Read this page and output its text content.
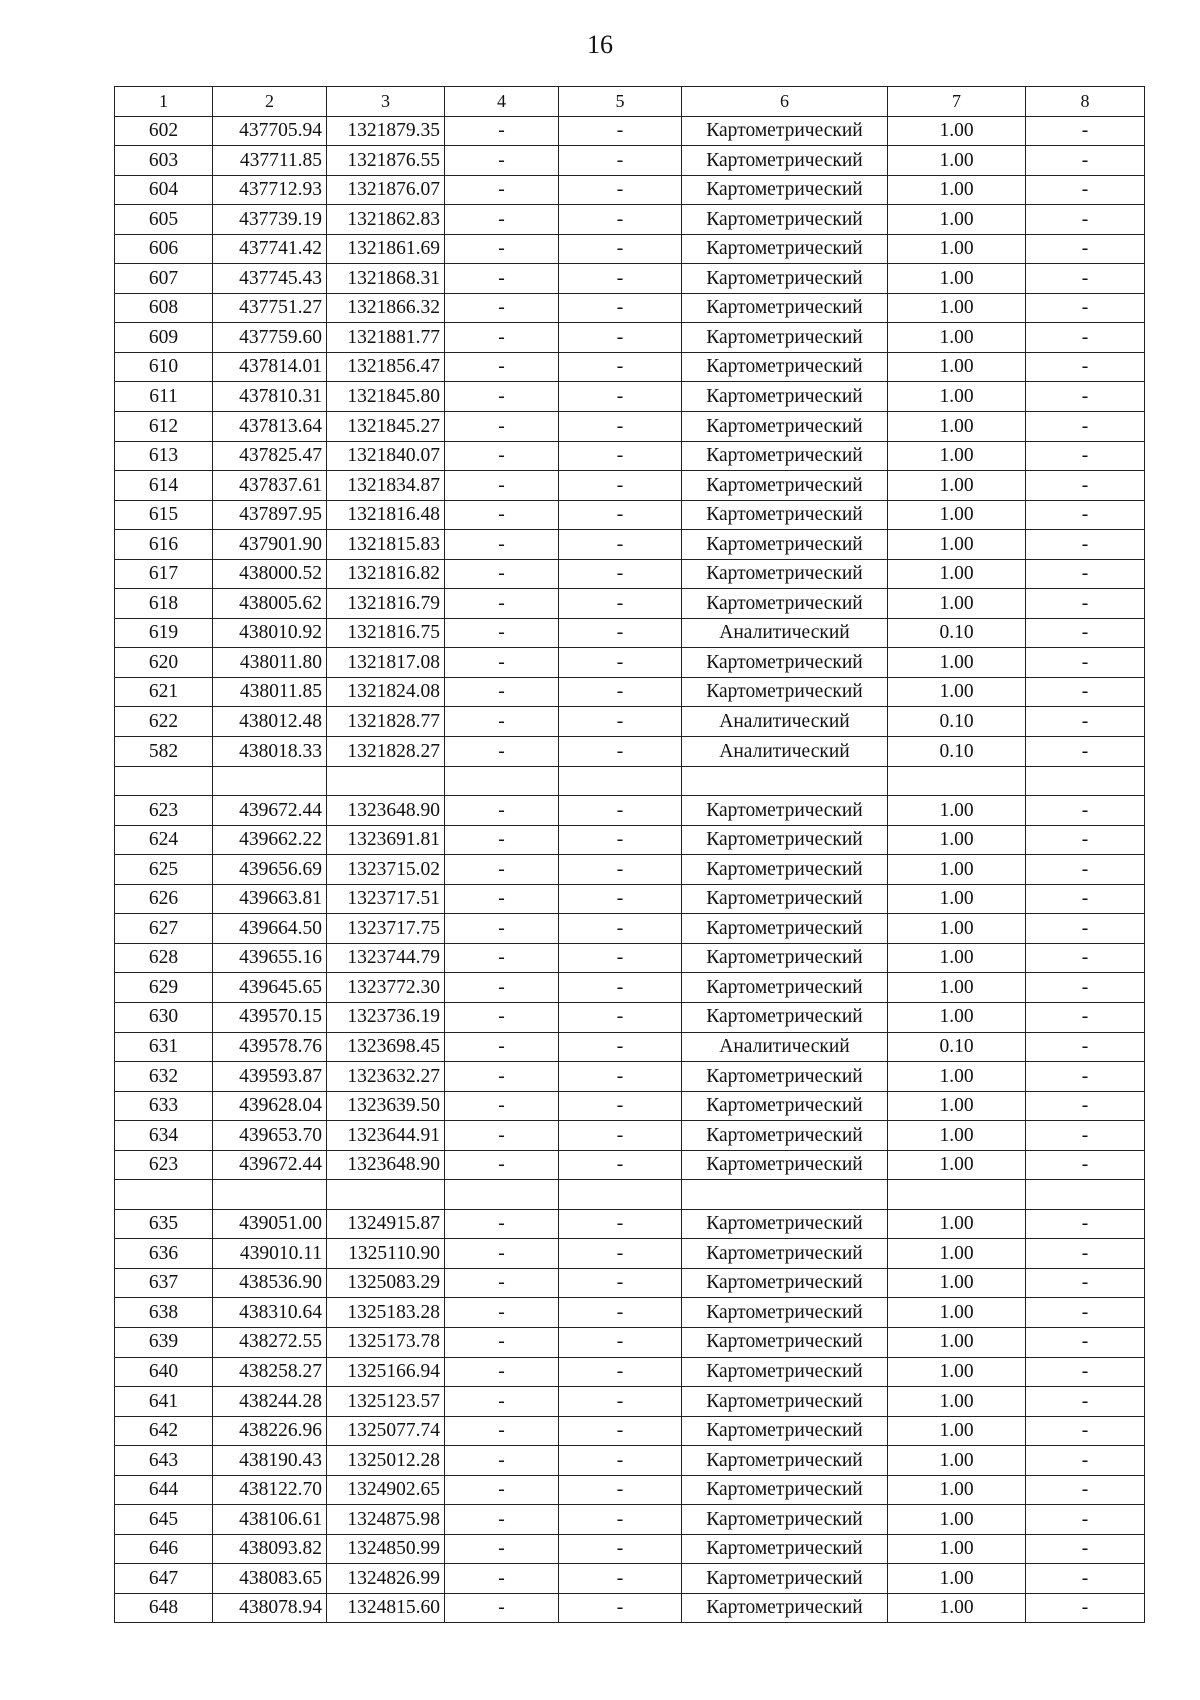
16
1	2	3	4	5	6	7	8
602	437705.94	1321879.35	-	-	Картометрический	1.00	-
603	437711.85	1321876.55	-	-	Картометрический	1.00	-
604	437712.93	1321876.07	-	-	Картометрический	1.00	-
605	437739.19	1321862.83	-	-	Картометрический	1.00	-
606	437741.42	1321861.69	-	-	Картометрический	1.00	-
607	437745.43	1321868.31	-	-	Картометрический	1.00	-
608	437751.27	1321866.32	-	-	Картометрический	1.00	-
609	437759.60	1321881.77	-	-	Картометрический	1.00	-
610	437814.01	1321856.47	-	-	Картометрический	1.00	-
611	437810.31	1321845.80	-	-	Картометрический	1.00	-
612	437813.64	1321845.27	-	-	Картометрический	1.00	-
613	437825.47	1321840.07	-	-	Картометрический	1.00	-
614	437837.61	1321834.87	-	-	Картометрический	1.00	-
615	437897.95	1321816.48	-	-	Картометрический	1.00	-
616	437901.90	1321815.83	-	-	Картометрический	1.00	-
617	438000.52	1321816.82	-	-	Картометрический	1.00	-
618	438005.62	1321816.79	-	-	Картометрический	1.00	-
619	438010.92	1321816.75	-	-	Аналитический	0.10	-
620	438011.80	1321817.08	-	-	Картометрический	1.00	-
621	438011.85	1321824.08	-	-	Картометрический	1.00	-
622	438012.48	1321828.77	-	-	Аналитический	0.10	-
582	438018.33	1321828.27	-	-	Аналитический	0.10	-

623	439672.44	1323648.90	-	-	Картометрический	1.00	-
624	439662.22	1323691.81	-	-	Картометрический	1.00	-
625	439656.69	1323715.02	-	-	Картометрический	1.00	-
626	439663.81	1323717.51	-	-	Картометрический	1.00	-
627	439664.50	1323717.75	-	-	Картометрический	1.00	-
628	439655.16	1323744.79	-	-	Картометрический	1.00	-
629	439645.65	1323772.30	-	-	Картометрический	1.00	-
630	439570.15	1323736.19	-	-	Картометрический	1.00	-
631	439578.76	1323698.45	-	-	Аналитический	0.10	-
632	439593.87	1323632.27	-	-	Картометрический	1.00	-
633	439628.04	1323639.50	-	-	Картометрический	1.00	-
634	439653.70	1323644.91	-	-	Картометрический	1.00	-
623	439672.44	1323648.90	-	-	Картометрический	1.00	-

635	439051.00	1324915.87	-	-	Картометрический	1.00	-
636	439010.11	1325110.90	-	-	Картометрический	1.00	-
637	438536.90	1325083.29	-	-	Картометрический	1.00	-
638	438310.64	1325183.28	-	-	Картометрический	1.00	-
639	438272.55	1325173.78	-	-	Картометрический	1.00	-
640	438258.27	1325166.94	-	-	Картометрический	1.00	-
641	438244.28	1325123.57	-	-	Картометрический	1.00	-
642	438226.96	1325077.74	-	-	Картометрический	1.00	-
643	438190.43	1325012.28	-	-	Картометрический	1.00	-
644	438122.70	1324902.65	-	-	Картометрический	1.00	-
645	438106.61	1324875.98	-	-	Картометрический	1.00	-
646	438093.82	1324850.99	-	-	Картометрический	1.00	-
647	438083.65	1324826.99	-	-	Картометрический	1.00	-
648	438078.94	1324815.60	-	-	Картометрический	1.00	-
